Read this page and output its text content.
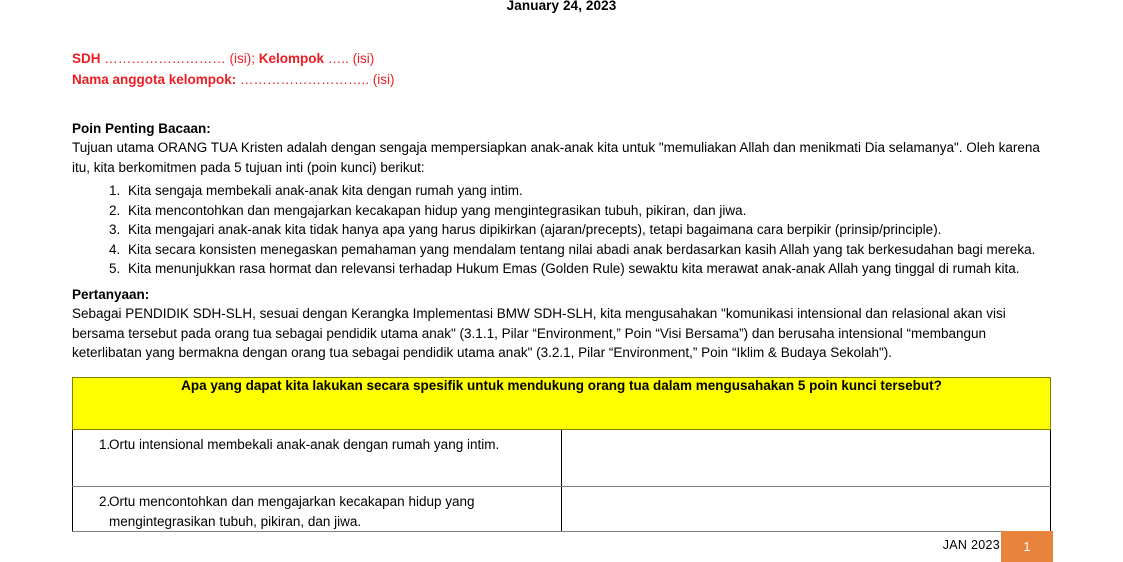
January 24, 2023
SDH ……………………… (isi); Kelompok ….. (isi)
Nama anggota kelompok: ……………………….. (isi)
Poin Penting Bacaan:
Tujuan utama ORANG TUA Kristen adalah dengan sengaja mempersiapkan anak-anak kita untuk "memuliakan Allah dan menikmati Dia selamanya". Oleh karena itu, kita berkomitmen pada 5 tujuan inti (poin kunci) berikut:
1. Kita sengaja membekali anak-anak kita dengan rumah yang intim.
2. Kita mencontohkan dan mengajarkan kecakapan hidup yang mengintegrasikan tubuh, pikiran, dan jiwa.
3. Kita mengajari anak-anak kita tidak hanya apa yang harus dipikirkan (ajaran/precepts), tetapi bagaimana cara berpikir (prinsip/principle).
4. Kita secara konsisten menegaskan pemahaman yang mendalam tentang nilai abadi anak berdasarkan kasih Allah yang tak berkesudahan bagi mereka.
5. Kita menunjukkan rasa hormat dan relevansi terhadap Hukum Emas (Golden Rule) sewaktu kita merawat anak-anak Allah yang tinggal di rumah kita.
Pertanyaan:
Sebagai PENDIDIK SDH-SLH, sesuai dengan Kerangka Implementasi BMW SDH-SLH, kita mengusahakan "komunikasi intensional dan relasional akan visi bersama tersebut pada orang tua sebagai pendidik utama anak" (3.1.1, Pilar “Environment,” Poin “Visi Bersama”) dan berusaha intensional “membangun keterlibatan yang bermakna dengan orang tua sebagai pendidik utama anak" (3.2.1, Pilar “Environment,” Poin “Iklim & Budaya Sekolah").
Apa yang dapat kita lakukan secara spesifik untuk mendukung orang tua dalam mengusahakan 5 poin kunci tersebut?	

1.
Ortu intensional membekali anak-anak dengan rumah yang intim.	

2.
Ortu mencontohkan dan mengajarkan kecakapan hidup yang mengintegrasikan tubuh, pikiran, dan jiwa.	

JAN 2023	1
